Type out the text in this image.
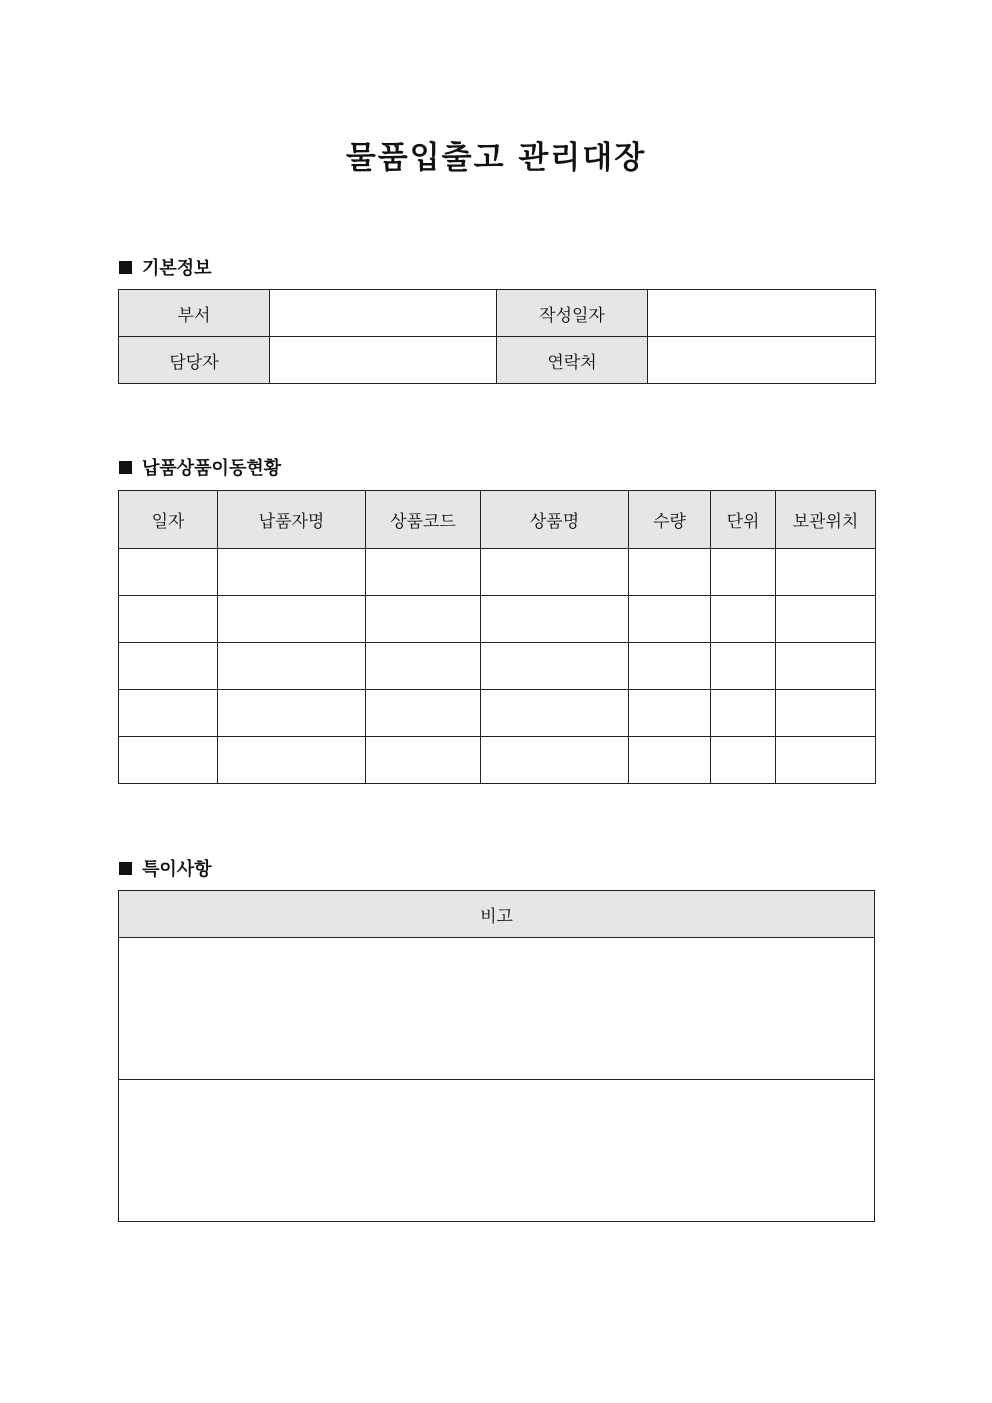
물품입출고 관리대장
기본정보
부서		작성일자	
담당자		연락처	
납품상품이동현황
일자	납품자명	상품코드	상품명	수량	단위	보관위치

특이사항
비고
